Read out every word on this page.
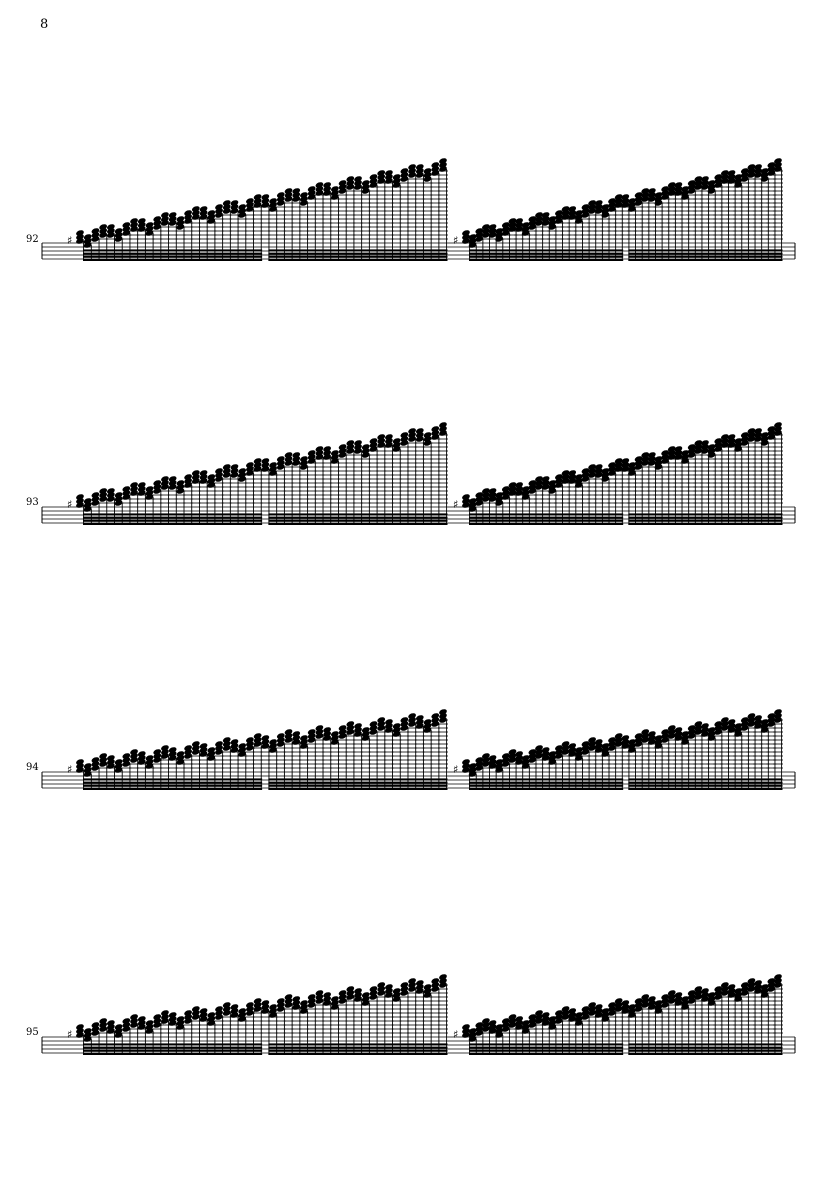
8
92
93
94
95
♯
♯
♯
♯
♯
♯
♯
♯
♯
♯
♯
♯
♯
♯
♯
♯
♯
♯
♯
♯
♯
♯
♯
♯
♯
♯
♯
♯
♯
♯
♯
♯
